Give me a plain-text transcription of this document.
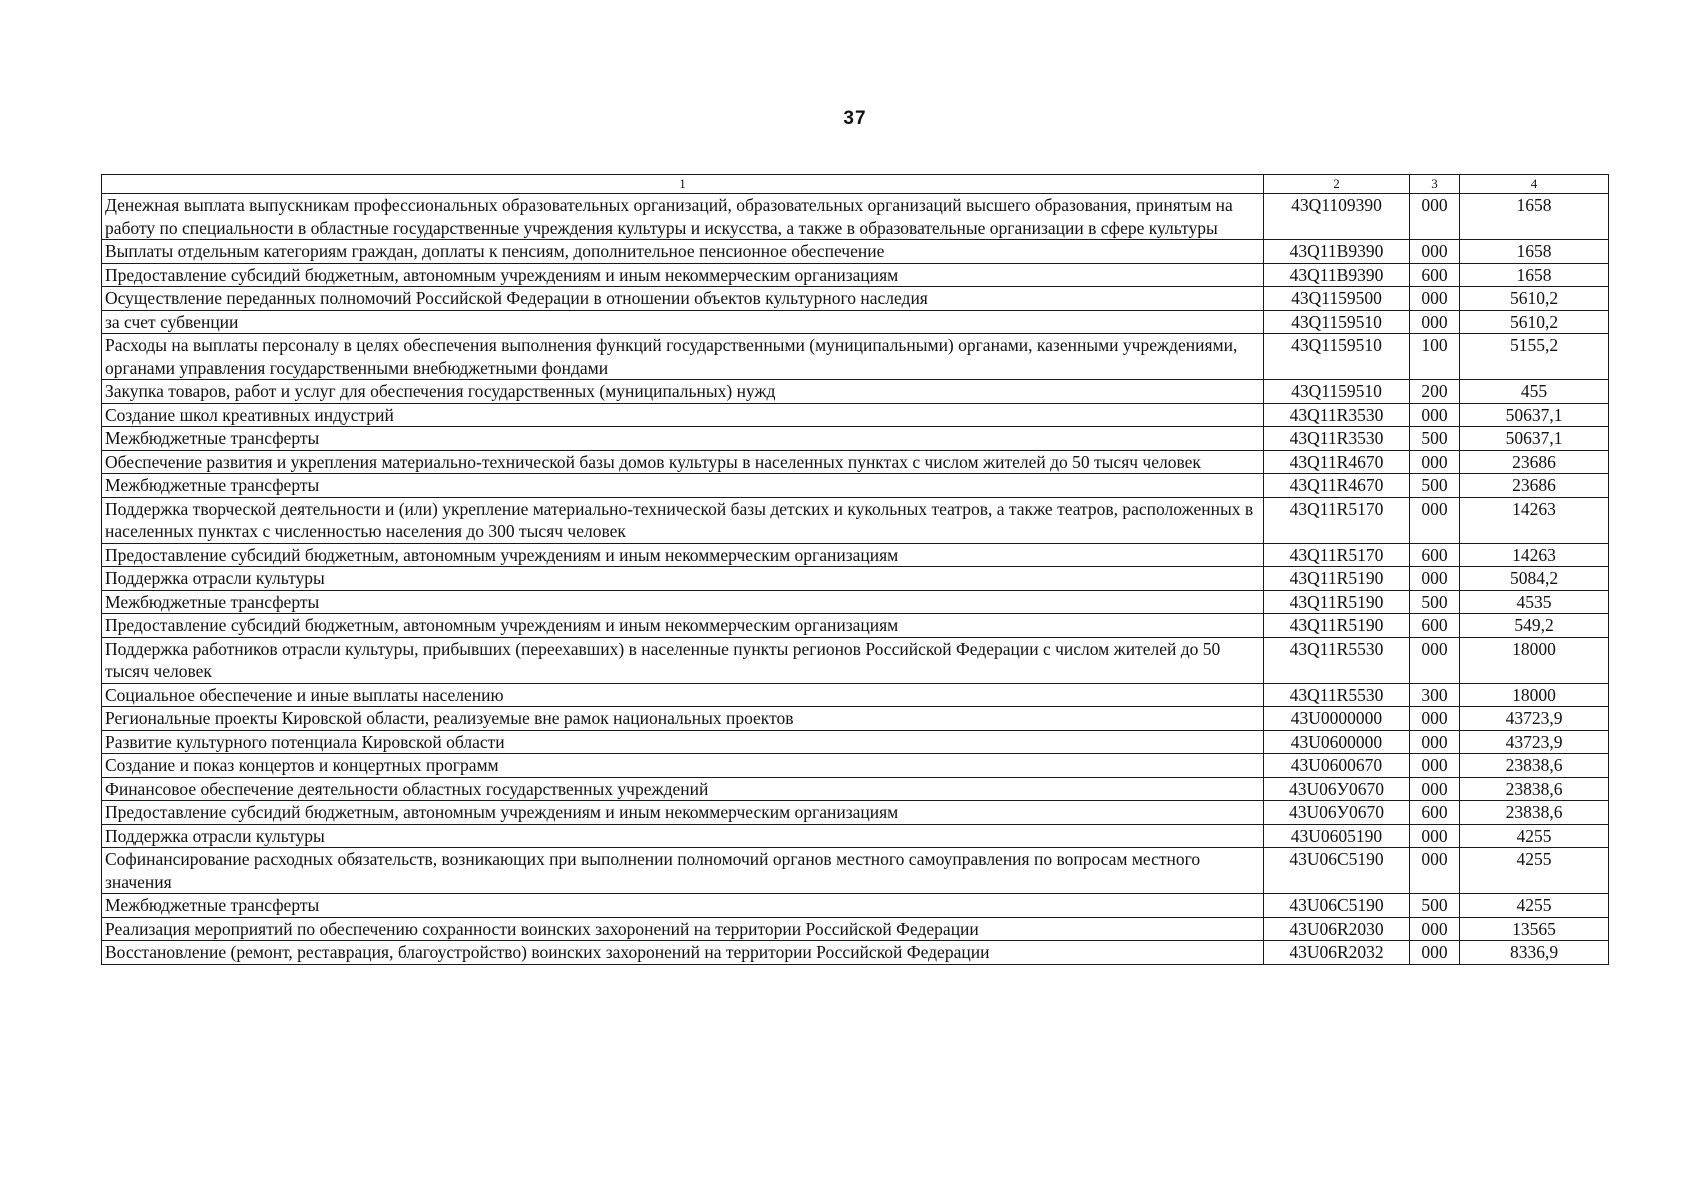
37
1	2	3	4
Денежная выплата выпускникам профессиональных образовательных организаций, образовательных организаций высшего образования, принятым на работу по специальности в областные государственные учреждения культуры и искусства, а также в образовательные организации в сфере культуры	43Q1109390	000	1658
Выплаты отдельным категориям граждан, доплаты к пенсиям, дополнительное пенсионное обеспечение	43Q11B9390	000	1658
Предоставление субсидий бюджетным, автономным учреждениям и иным некоммерческим организациям	43Q11B9390	600	1658
Осуществление переданных полномочий Российской Федерации в отношении объектов культурного наследия	43Q1159500	000	5610,2
за счет субвенции	43Q1159510	000	5610,2
Расходы на выплаты персоналу в целях обеспечения выполнения функций государственными (муниципальными) органами, казенными учреждениями, органами управления государственными внебюджетными фондами	43Q1159510	100	5155,2
Закупка товаров, работ и услуг для обеспечения государственных (муниципальных) нужд	43Q1159510	200	455
Создание школ креативных индустрий	43Q11R3530	000	50637,1
Межбюджетные трансферты	43Q11R3530	500	50637,1
Обеспечение развития и укрепления материально-технической базы домов культуры в населенных пунктах с числом жителей до 50 тысяч человек	43Q11R4670	000	23686
Межбюджетные трансферты	43Q11R4670	500	23686
Поддержка творческой деятельности и (или) укрепление материально-технической базы детских и кукольных театров, а также театров, расположенных в населенных пунктах с численностью населения до 300 тысяч человек	43Q11R5170	000	14263
Предоставление субсидий бюджетным, автономным учреждениям и иным некоммерческим организациям	43Q11R5170	600	14263
Поддержка отрасли культуры	43Q11R5190	000	5084,2
Межбюджетные трансферты	43Q11R5190	500	4535
Предоставление субсидий бюджетным, автономным учреждениям и иным некоммерческим организациям	43Q11R5190	600	549,2
Поддержка работников отрасли культуры, прибывших (переехавших) в населенные пункты регионов Российской Федерации с числом жителей до 50 тысяч человек	43Q11R5530	000	18000
Социальное обеспечение и иные выплаты населению	43Q11R5530	300	18000
Региональные проекты Кировской области, реализуемые вне рамок национальных проектов	43U0000000	000	43723,9
Развитие культурного потенциала Кировской области	43U0600000	000	43723,9
Создание и показ концертов и концертных программ	43U0600670	000	23838,6
Финансовое обеспечение деятельности областных государственных учреждений	43U06У0670	000	23838,6
Предоставление субсидий бюджетным, автономным учреждениям и иным некоммерческим организациям	43U06У0670	600	23838,6
Поддержка отрасли культуры	43U0605190	000	4255
Софинансирование расходных обязательств, возникающих при выполнении полномочий органов местного самоуправления по вопросам местного значения	43U06C5190	000	4255
Межбюджетные трансферты	43U06C5190	500	4255
Реализация мероприятий по обеспечению сохранности воинских захоронений на территории Российской Федерации	43U06R2030	000	13565
Восстановление (ремонт, реставрация, благоустройство) воинских захоронений на территории Российской Федерации	43U06R2032	000	8336,9
